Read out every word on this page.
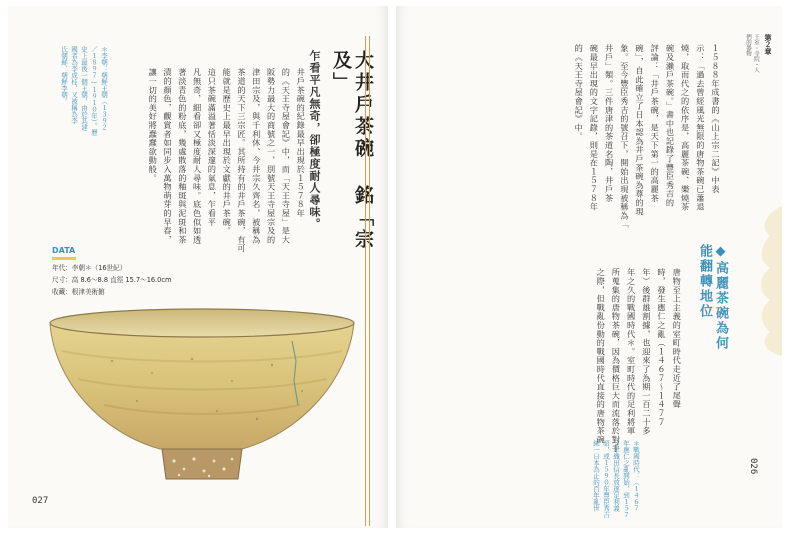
＊李朝：朝鮮王朝（１３９２
／１８９７—１９１０年）。歷
史上最後一個王朝，由於其建
國者為李成桂，又被稱為李
氏朝鮮、朝鮮李朝。	井戶茶碗的紀錄最早出現於１５７８年
的《天王寺屋會記》中，而「天王寺屋」是大
阪勢力最大的商號之一，別號天王寺屋宗及的
津田宗及，與千利休、今井宗久齊名，被稱為
茶道的天下三宗匠。其所持有的井戶茶碗，有可
能就是歷史上最早出現於文獻的井戶茶碗。
這只茶碗滿溢著恬淡深邃的氣息，乍看平
凡無奇，細看卻又極度耐人尋味。底色似如透
著淡青色的粉底，幾處散落的釉斑與泥斑和茶
漬的顏色，觀賞者如同步入萬物萌芽的早春，
讓一切的美好將蠢蠢欲動般。	乍看平凡無奇，卻極度耐人尋味。	大井戶茶碗 銘「宗及」
DATA
年代：李朝＊（16世紀）
尺寸：高 8.6～8.8 直徑 15.7～16.0cm
收藏：根津美術館
027
１５８８年成書的《山上宗二記》中表
示：「過去曾經風光無限的唐物茶碗已蕭退
燒，取而代之的依序是，高麗茶碗、樂燒茶
碗及瀨戶茶碗。」書中也記錄了豐臣秀吉的
評論：「井戶茶碗，是天下第一的高麗茶
碗」，自此確立了日本認為井戶茶碗為尊的現
象。至今豐臣秀吉的號召下，開始出現被稱為「
井戶」類。三件唐津的茶道名陶，井戶茶
碗最早出現的文字記錄，則是在１５７８年
的《天王寺屋會記》中。
◆高麗茶碗為何能翻轉地位
唐物至上主義的室町時代走近了尾聲
時，發生應仁之亂（１４６７〜１４７７
年）後群雄割據，也迎來了為期一百二十多
年之久的戰國時代＊。室町時代的足利將軍
所蒐集的唐物茶碗，因為價格巨大而流落於對手
之際，但戰亂份動的戰國時代直接的唐物茶碗
＊戰國時代：（１４６７
年應仁之亂開始，到１５７
３年織田信長放逐足利義
昭，或１５９０年豐臣秀吉
統一日本為止的百年亂世
第２章
王室・寺院・人們的器物
026
